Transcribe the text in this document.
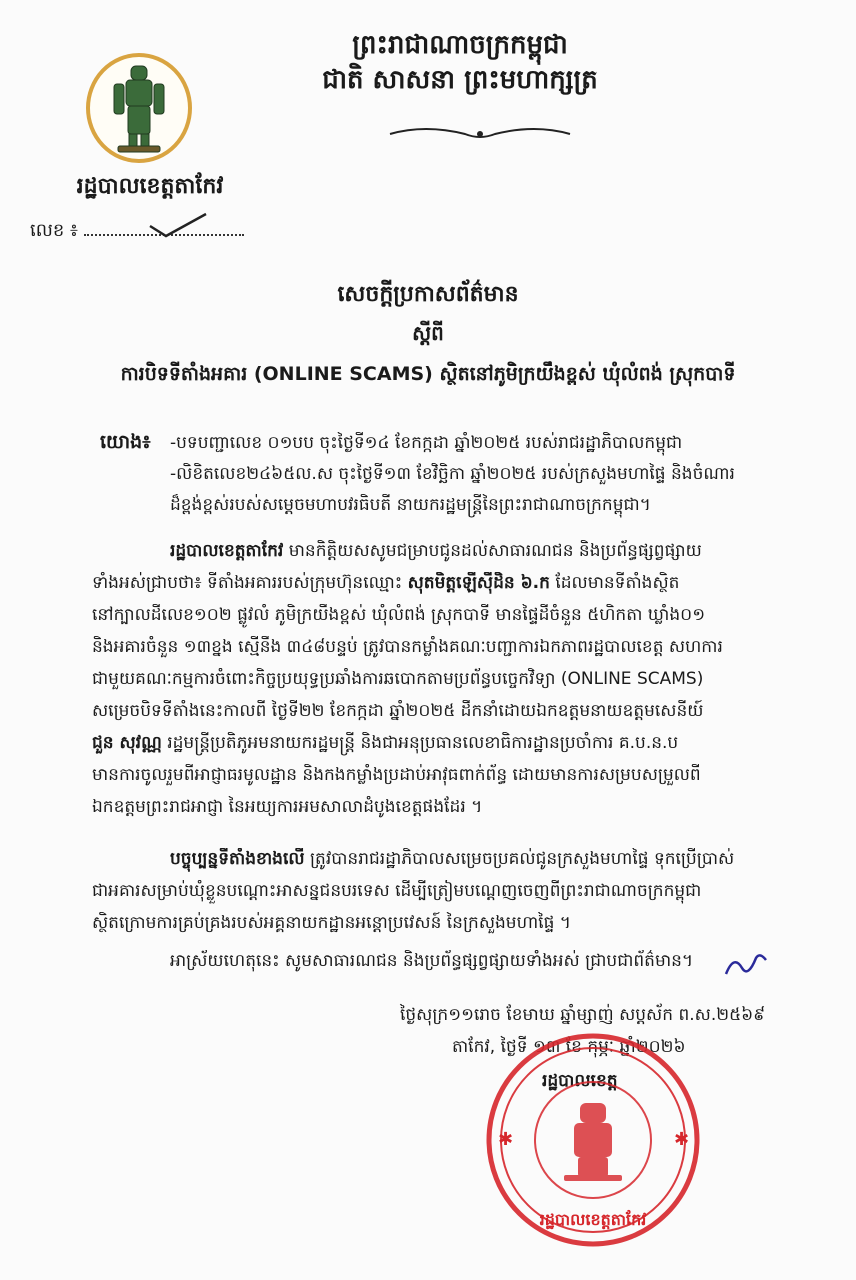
ព្រះរាជាណាចក្រកម្ពុជា
ជាតិ សាសនា ព្រះមហាក្សត្រ
រដ្ឋបាលខេត្តតាកែវ
លេខ ៖
សេចក្ដីប្រកាសព័ត៌មាន
ស្ដីពី
ការបិទទីតាំងអគារ (ONLINE SCAMS) ស្ថិតនៅភូមិក្រយឹងខ្ពស់ ឃុំលំពង់ ស្រុកបាទី
យោង៖ -បទបញ្ជាលេខ ០១បប ចុះថ្ងៃទី១៤ ខែកក្កដា ឆ្នាំ២០២៥ របស់រាជរដ្ឋាភិបាលកម្ពុជា
-លិខិតលេខ២៤៦៥ល.ស ចុះថ្ងៃទី១៣ ខែវិច្ឆិកា ឆ្នាំ២០២៥ របស់ក្រសួងមហាផ្ទៃ និងចំណារ
ដ៏ខ្ពង់ខ្ពស់របស់សម្ដេចមហាបវរធិបតី នាយករដ្ឋមន្ត្រីនៃព្រះរាជាណាចក្រកម្ពុជា។
រដ្ឋបាលខេត្តតាកែវ មានកិត្តិយសសូមជម្រាបជូនដល់សាធារណជន និងប្រព័ន្ធផ្សព្វផ្សាយ
ទាំងអស់ជ្រាបថា៖ ទីតាំងអគាររបស់ក្រុមហ៊ុនឈ្មោះ សុតមិត្តឡើស៊ីដិន ៦.ក ដែលមានទីតាំងស្ថិត
នៅក្បាលដីលេខ១០២ ផ្លូវលំ ភូមិក្រយឹងខ្ពស់ ឃុំលំពង់ ស្រុកបាទី មានផ្ទៃដីចំនួន ៥ហិកតា ឃ្លាំង០១
និងអគារចំនួន ១៣ខ្នង ស្មើនឹង ៣៤៨បន្ទប់ ត្រូវបានកម្លាំងគណៈបញ្ជាការឯកភាពរដ្ឋបាលខេត្ត សហការ
ជាមួយគណៈកម្មការចំពោះកិច្ចប្រយុទ្ធប្រឆាំងការឆបោកតាមប្រព័ន្ធបច្ចេកវិទ្យា (ONLINE SCAMS)
សម្រេចបិទទីតាំងនេះកាលពី ថ្ងៃទី២២ ខែកក្កដា ឆ្នាំ២០២៥ ដឹកនាំដោយឯកឧត្តមនាយឧត្តមសេនីយ៍
ជួន សុវណ្ណ រដ្ឋមន្ត្រីប្រតិភូអមនាយករដ្ឋមន្ត្រី និងជាអនុប្រធានលេខាធិការដ្ឋានប្រចាំការ គ.ប.ន.ប
មានការចូលរួមពីអាជ្ញាធរមូលដ្ឋាន និងកងកម្លាំងប្រដាប់អាវុធពាក់ព័ន្ធ ដោយមានការសម្របសម្រួលពី
ឯកឧត្តមព្រះរាជអាជ្ញា នៃអយ្យការអមសាលាដំបូងខេត្តផងដែរ ។
បច្ចុប្បន្នទីតាំងខាងលើ ត្រូវបានរាជរដ្ឋាភិបាលសម្រេចប្រគល់ជូនក្រសួងមហាផ្ទៃ ទុកប្រើប្រាស់
ជាអគារសម្រាប់ឃុំខ្លួនបណ្ដោះអាសន្នជនបរទេស ដើម្បីត្រៀមបណ្ដេញចេញពីព្រះរាជាណាចក្រកម្ពុជា
ស្ថិតក្រោមការគ្រប់គ្រងរបស់អគ្គនាយកដ្ឋានអន្ដោប្រវេសន៍ នៃក្រសួងមហាផ្ទៃ ។
អាស្រ័យហេតុនេះ សូមសាធារណជន និងប្រព័ន្ធផ្សព្វផ្សាយទាំងអស់ ជ្រាបជាព័ត៌មាន។
ថ្ងៃសុក្រ១១រោច ខែមាឃ ឆ្នាំម្សាញ់ សប្តស័ក ព.ស.២៥៦៩
តាកែវ, ថ្ងៃទី ១៣ ខែ កុម្ភៈ ឆ្នាំ២០២៦
រដ្ឋបាលខេត្ត
រដ្ឋបាលខេត្តតាកែវ
✱	✱
